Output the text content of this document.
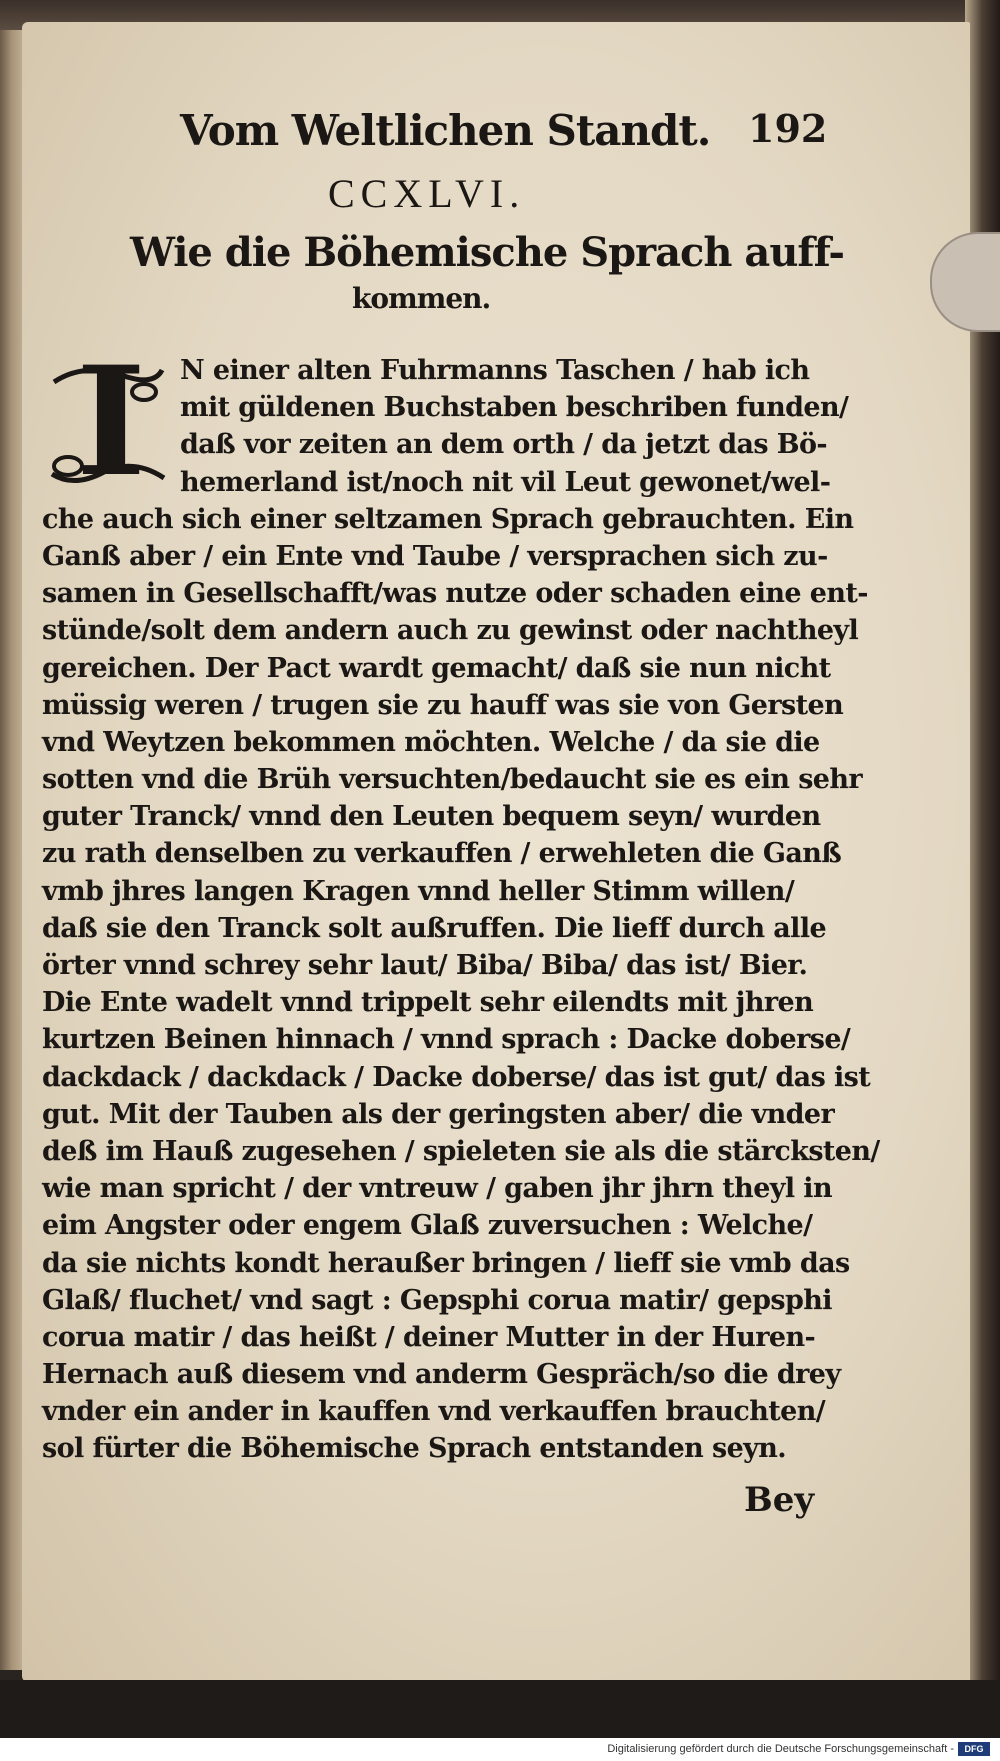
Vom Weltlichen Standt. 192
CCXLVI.
Wie die Böhemische Sprach auff-
kommen.
I	N einer alten Fuhrmanns Taschen / hab ich
mit güldenen Buchstaben beschriben funden/
daß vor zeiten an dem orth / da jetzt das Bö-
hemerland ist/noch nit vil Leut gewonet/wel-
che auch sich einer seltzamen Sprach gebrauchten. Ein
Ganß aber / ein Ente vnd Taube / versprachen sich zu-
samen in Gesellschafft/was nutze oder schaden eine ent-
stünde/solt dem andern auch zu gewinst oder nachtheyl
gereichen. Der Pact wardt gemacht/ daß sie nun nicht
müssig weren / trugen sie zu hauff was sie von Gersten
vnd Weytzen bekommen möchten. Welche / da sie die
sotten vnd die Brüh versuchten/bedaucht sie es ein sehr
guter Tranck/ vnnd den Leuten bequem seyn/ wurden
zu rath denselben zu verkauffen / erwehleten die Ganß
vmb jhres langen Kragen vnnd heller Stimm willen/
daß sie den Tranck solt außruffen. Die lieff durch alle
örter vnnd schrey sehr laut/ Biba/ Biba/ das ist/ Bier.
Die Ente wadelt vnnd trippelt sehr eilendts mit jhren
kurtzen Beinen hinnach / vnnd sprach : Dacke doberse/
dackdack / dackdack / Dacke doberse/ das ist gut/ das ist
gut. Mit der Tauben als der geringsten aber/ die vnder
deß im Hauß zugesehen / spieleten sie als die stärcksten/
wie man spricht / der vntreuw / gaben jhr jhrn theyl in
eim Angster oder engem Glaß zuversuchen : Welche/
da sie nichts kondt heraußer bringen / lieff sie vmb das
Glaß/ fluchet/ vnd sagt : Gepsphi corua matir/ gepsphi
corua matir / das heißt / deiner Mutter in der Huren-
Hernach auß diesem vnd anderm Gespräch/so die drey
vnder ein ander in kauffen vnd verkauffen brauchten/
sol fürter die Böhemische Sprach entstanden seyn.
Bey
Digitalisierung gefördert durch die Deutsche Forschungsgemeinschaft -	DFG
